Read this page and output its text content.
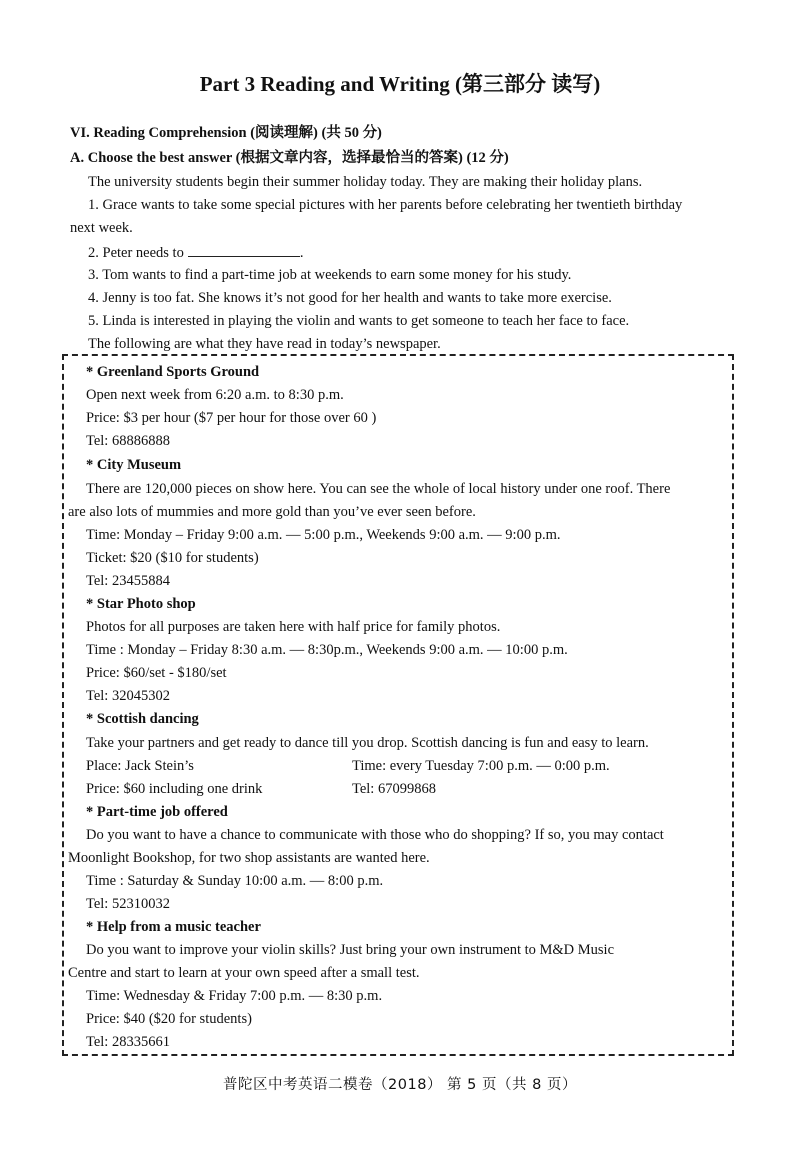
Part 3 Reading and Writing (第三部分 读写)
VI. Reading Comprehension (阅读理解) (共 50 分)
A. Choose the best answer (根据文章内容，选择最恰当的答案) (12 分)
The university students begin their summer holiday today. They are making their holiday plans.
1. Grace wants to take some special pictures with her parents before celebrating her twentieth birthday
next week.
2. Peter needs to	.
3. Tom wants to find a part-time job at weekends to earn some money for his study.
4. Jenny is too fat. She knows it’s not good for her health and wants to take more exercise.
5. Linda is interested in playing the violin and wants to get someone to teach her face to face.
The following are what they have read in today’s newspaper.
* Greenland Sports Ground
Open next week from 6:20 a.m. to 8:30 p.m.
Price: $3 per hour ($7 per hour for those over 60 )
Tel: 68886888
* City Museum
There are 120,000 pieces on show here. You can see the whole of local history under one roof. There
are also lots of mummies and more gold than you’ve ever seen before.
Time: Monday – Friday 9:00 a.m. — 5:00 p.m., Weekends 9:00 a.m. — 9:00 p.m.
Ticket: $20 ($10 for students)
Tel: 23455884
* Star Photo shop
Photos for all purposes are taken here with half price for family photos.
Time : Monday – Friday 8:30 a.m. — 8:30p.m., Weekends 9:00 a.m. — 10:00 p.m.
Price: $60/set - $180/set
Tel: 32045302
* Scottish dancing
Take your partners and get ready to dance till you drop. Scottish dancing is fun and easy to learn.
Place: Jack Stein’s	Time: every Tuesday 7:00 p.m. — 0:00 p.m.
Price: $60 including one drink	Tel: 67099868
* Part-time job offered
Do you want to have a chance to communicate with those who do shopping? If so, you may contact
Moonlight Bookshop, for two shop assistants are wanted here.
Time : Saturday & Sunday 10:00 a.m. — 8:00 p.m.
Tel: 52310032
* Help from a music teacher
Do you want to improve your violin skills? Just bring your own instrument to M&D Music
Centre and start to learn at your own speed after a small test.
Time: Wednesday & Friday 7:00 p.m. — 8:30 p.m.
Price: $40 ($20 for students)
Tel: 28335661
普陀区中考英语二模卷（2018） 第 5 页（共 8 页）
